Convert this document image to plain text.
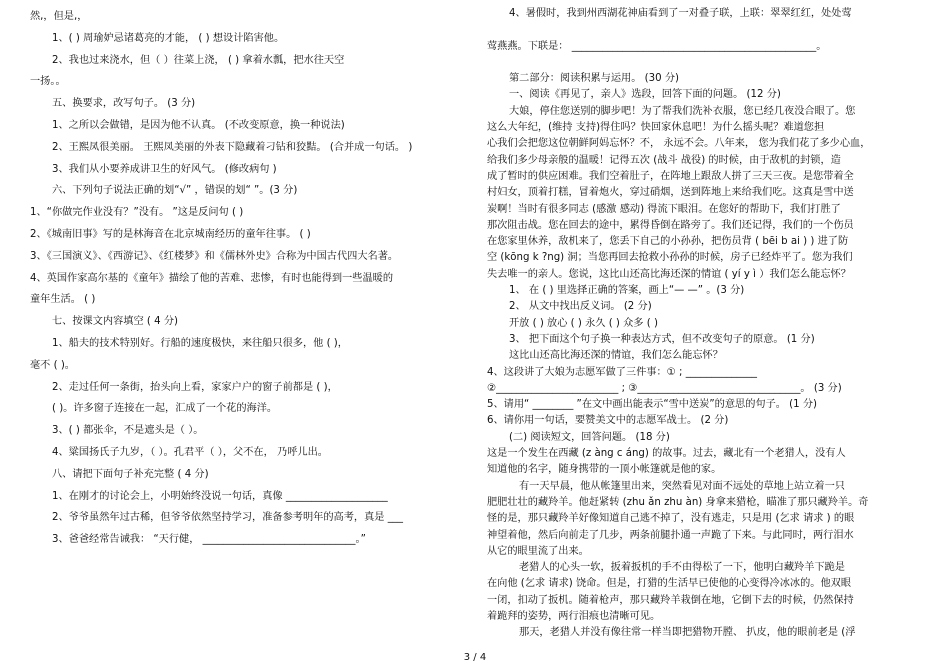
然,，但是,，
1、( ) 周瑜妒忌诸葛亮的才能， ( ) 想设计陷害他。
2、我也过来浇水，但（ ）往菜上浇， ( ) 拿着水瓢，把水往天空
一扬。。
五、换要求，改写句子。 (3 分)
1、之所以会做错，是因为他不认真。 (不改变原意，换一种说法)
2、王熙凤很美丽。 王熙凤美丽的外表下隐藏着刁钻和狡黠。 (合并成一句话。 )
3、我们从小要养成讲卫生的好风气。 (修改病句 )
六、下列句子说法正确的划“√” ，错误的划“ ”。(3 分)
1、“你做完作业没有？”没有。 ”这是反问句 ( )
2、《城南旧事》写的是林海音在北京城南经历的童年往事。 ( )
3、《三国演义》、《西游记》、《红楼梦》和《儒林外史》合称为中国古代四大名著。
4、英国作家高尔基的《童年》描绘了他的苦难、悲惨，有时也能得到一些温暖的
童年生活。 ( )
七、按课文内容填空 ( 4 分)
1、船夫的技术特别好。行船的速度极快，来往船只很多，他 ( )，
毫不 ( )。
2、走过任何一条街，抬头向上看，家家户户的窗子前都是 ( )，
( )。许多窗子连接在一起，汇成了一个花的海洋。
3、( ) 都张伞，不是遮头是（ ）。
4、粱国扬氏子九岁，（ ）。孔君平（ ），父不在， 乃呼儿出。
八、请把下面句子补充完整 ( 4 分)
1、在刚才的讨论会上，小明始终没说一句话，真像 ____________________
2、爷爷虽然年过古稀，但爷爷依然坚持学习，准备参考明年的高考，真是 ___
3、爸爸经常告诫我： “天行健， ______________________________。”
4、暑假时，我到州西湖花神庙看到了一对叠子联，上联：翠翠红红，处处莺
莺燕燕。下联是： ________________________________________________。
第二部分：阅读积累与运用。 (30 分)
一、阅读《再见了，亲人》选段，回答下面的问题。 (12 分)
大娘，停住您送别的脚步吧！为了帮我们洗补衣服，您已经几夜没合眼了。您
这么大年纪，(维持 支持)得住吗？快回家休息吧！为什么摇头呢？难道您担
心我们会把您这位朝鲜阿妈忘怀？不， 永远不会。八年来， 您为我们花了多少心血，
给我们多少母亲般的温暖！记得五次 (战斗 战役) 的时候，由于敌机的封锁，造
成了暂时的供应困难。我们空着肚子，在阵地上跟敌人拼了三天三夜。是您带着全
村妇女，顶着打糕，冒着炮火，穿过硝烟，送到阵地上来给我们吃。这真是雪中送
炭啊！当时有很多同志 (感激 感动) 得流下眼泪。在您好的帮助下，我们打胜了
那次阻击战。您在回去的途中，累得昏倒在路旁了。我们还记得，我们的一个伤员
在您家里休养，敌机来了，您丢下自己的小孙孙，把伤员背 ( bēi b ai ) ) 进了防
空 (kōng k ?ng) 洞；当您再回去抢救小孙孙的时候，房子已经炸平了。您为我们
失去唯一的亲人。您说，这比山还高比海还深的情谊 ( yí y ì ）我们怎么能忘怀？
1、 在 ( ) 里选择正确的答案，画上“— —” 。(3 分)
2、 从文中找出反义词。 (2 分)
开放 ( ) 放心 ( ) 永久 ( ) 众多 ( )
3、 把下面这个句子换一种表达方式，但不改变句子的原意。 (1 分)
这比山还高比海还深的情谊，我们怎么能忘怀？
4、这段讲了大娘为志愿军做了三件事：① ; ______________
②________________________ ; ③________________________________。 (3 分)
5、请用“ ________ ”在文中画出能表示“雪中送炭”的意思的句子。 (1 分)
6、请你用一句话，要赞美文中的志愿军战士。 (2 分)
(二) 阅读短文，回答问题。 (18 分)
这是一个发生在西藏 (z àng c áng) 的故事。过去，藏北有一个老猎人，没有人
知道他的名字，随身携带的一顶小帐篷就是他的家。
有一天早晨，他从帐篷里出来，突然看见对面不远处的草地上站立着一只
肥肥壮壮的藏羚羊。他赶紧转 (zhu ǎn zhu àn) 身拿来猎枪，瞄准了那只藏羚羊。奇
怪的是，那只藏羚羊好像知道自己逃不掉了，没有逃走，只是用 (乞求 请求 ) 的眼
神望着他，然后向前走了几步，两条前腿扑通一声跪了下来。与此同时，两行泪水
从它的眼里流了出来。
老猎人的心头一软，扳着扳机的手不由得松了一下，他明白藏羚羊下跪是
在向他 (乞求 请求) 饶命。但是，打猎的生活早已使他的心变得冷冰冰的。他双眼
一闭，扣动了扳机。随着枪声，那只藏羚羊栽倒在地，它倒下去的时候，仍然保持
着跪拜的姿势，两行泪痕也清晰可见。
那天，老猎人并没有像往常一样当即把猎物开膛、 扒皮，他的眼前老是 (浮
3 / 4
